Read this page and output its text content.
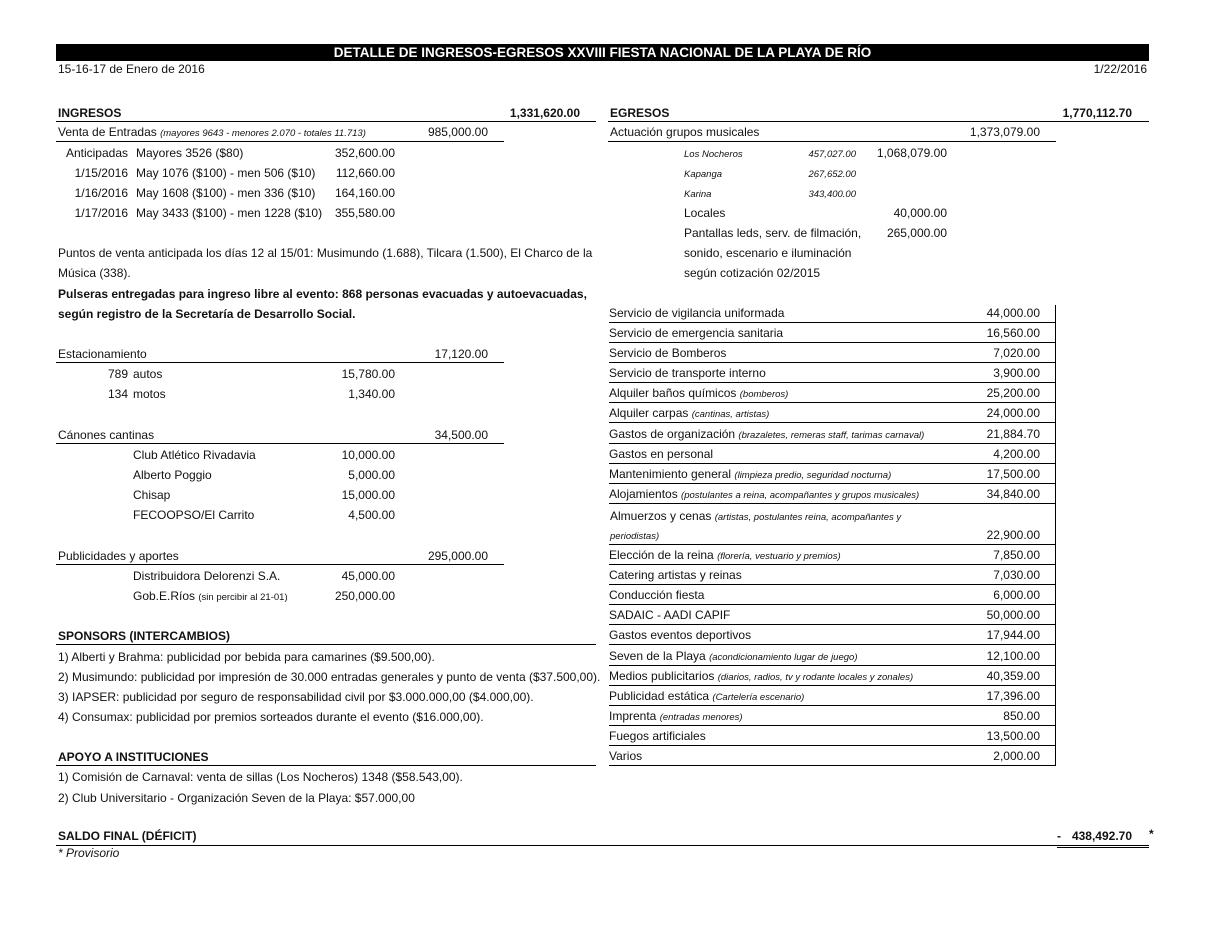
DETALLE DE INGRESOS-EGRESOS XXVIII FIESTA NACIONAL DE LA PLAYA DE RÍO
15-16-17 de Enero de 2016	1/22/2016
INGRESOS	1,331,620.00
Venta de Entradas (mayores 9643 - menores 2.070 - totales 11.713)	985,000.00
Anticipadas Mayores 3526 ($80)	352,600.00
1/15/2016 May 1076 ($100) - men 506 ($10)	112,660.00
1/16/2016 May 1608 ($100) - men 336 ($10)	164,160.00
1/17/2016 May 3433 ($100) - men 1228 ($10)	355,580.00
Puntos de venta anticipada los días 12 al 15/01: Musimundo (1.688), Tilcara (1.500), El Charco de la
Música (338).
Pulseras entregadas para ingreso libre al evento: 868 personas evacuadas y autoevacuadas,
según registro de la Secretaría de Desarrollo Social.
Estacionamiento	17,120.00
789 autos	15,780.00
134 motos	1,340.00
Cánones cantinas	34,500.00
Club Atlético Rivadavia	10,000.00
Alberto Poggio	5,000.00
Chisap	15,000.00
FECOOPSO/El Carrito	4,500.00
Publicidades y aportes	295,000.00
Distribuidora Delorenzi S.A.	45,000.00
Gob.E.Ríos (sin percibir al 21-01)	250,000.00
SPONSORS (INTERCAMBIOS)
1) Alberti y Brahma: publicidad por bebida para camarines ($9.500,00).
2) Musimundo: publicidad por impresión de 30.000 entradas generales y punto de venta ($37.500,00).
3) IAPSER: publicidad por seguro de responsabilidad civil por $3.000.000,00 ($4.000,00).
4) Consumax: publicidad por premios sorteados durante el evento ($16.000,00).
APOYO A INSTITUCIONES
1) Comisión de Carnaval: venta de sillas (Los Nocheros) 1348 ($58.543,00).
2) Club Universitario - Organización Seven de la Playa: $57.000,00
EGRESOS	1,770,112.70
Actuación grupos musicales	1,373,079.00
Los Nocheros	457,027.00	1,068,079.00
Kapanga	267,652.00
Karina	343,400.00
Locales	40,000.00
Pantallas leds, serv. de filmación,	265,000.00
sonido, escenario e iluminación
según cotización 02/2015
Servicio de vigilancia uniformada	44,000.00
Servicio de emergencia sanitaria	16,560.00
Servicio de Bomberos	7,020.00
Servicio de transporte interno	3,900.00
Alquiler baños químicos (bomberos)	25,200.00
Alquiler carpas (cantinas, artistas)	24,000.00
Gastos de organización (brazaletes, remeras staff, tarimas carnaval)	21,884.70
Gastos en personal	4,200.00
Mantenimiento general (limpieza predio, seguridad nocturna)	17,500.00
Alojamientos (postulantes a reina, acompañantes y grupos musicales)	34,840.00
Almuerzos y cenas (artistas, postulantes reina, acompañantes y
periodistas)	22,900.00
Elección de la reina (florería, vestuario y premios)	7,850.00
Catering artistas y reinas	7,030.00
Conducción fiesta	6,000.00
SADAIC - AADI CAPIF	50,000.00
Gastos eventos deportivos	17,944.00
Seven de la Playa (acondicionamiento lugar de juego)	12,100.00
Medios publicitarios (diarios, radios, tv y rodante locales y zonales)	40,359.00
Publicidad estática (Cartelería escenario)	17,396.00
Imprenta (entradas menores)	850.00
Fuegos artificiales	13,500.00
Varios	2,000.00
SALDO FINAL (DÉFICIT)	- 438,492.70 *
* Provisorio
